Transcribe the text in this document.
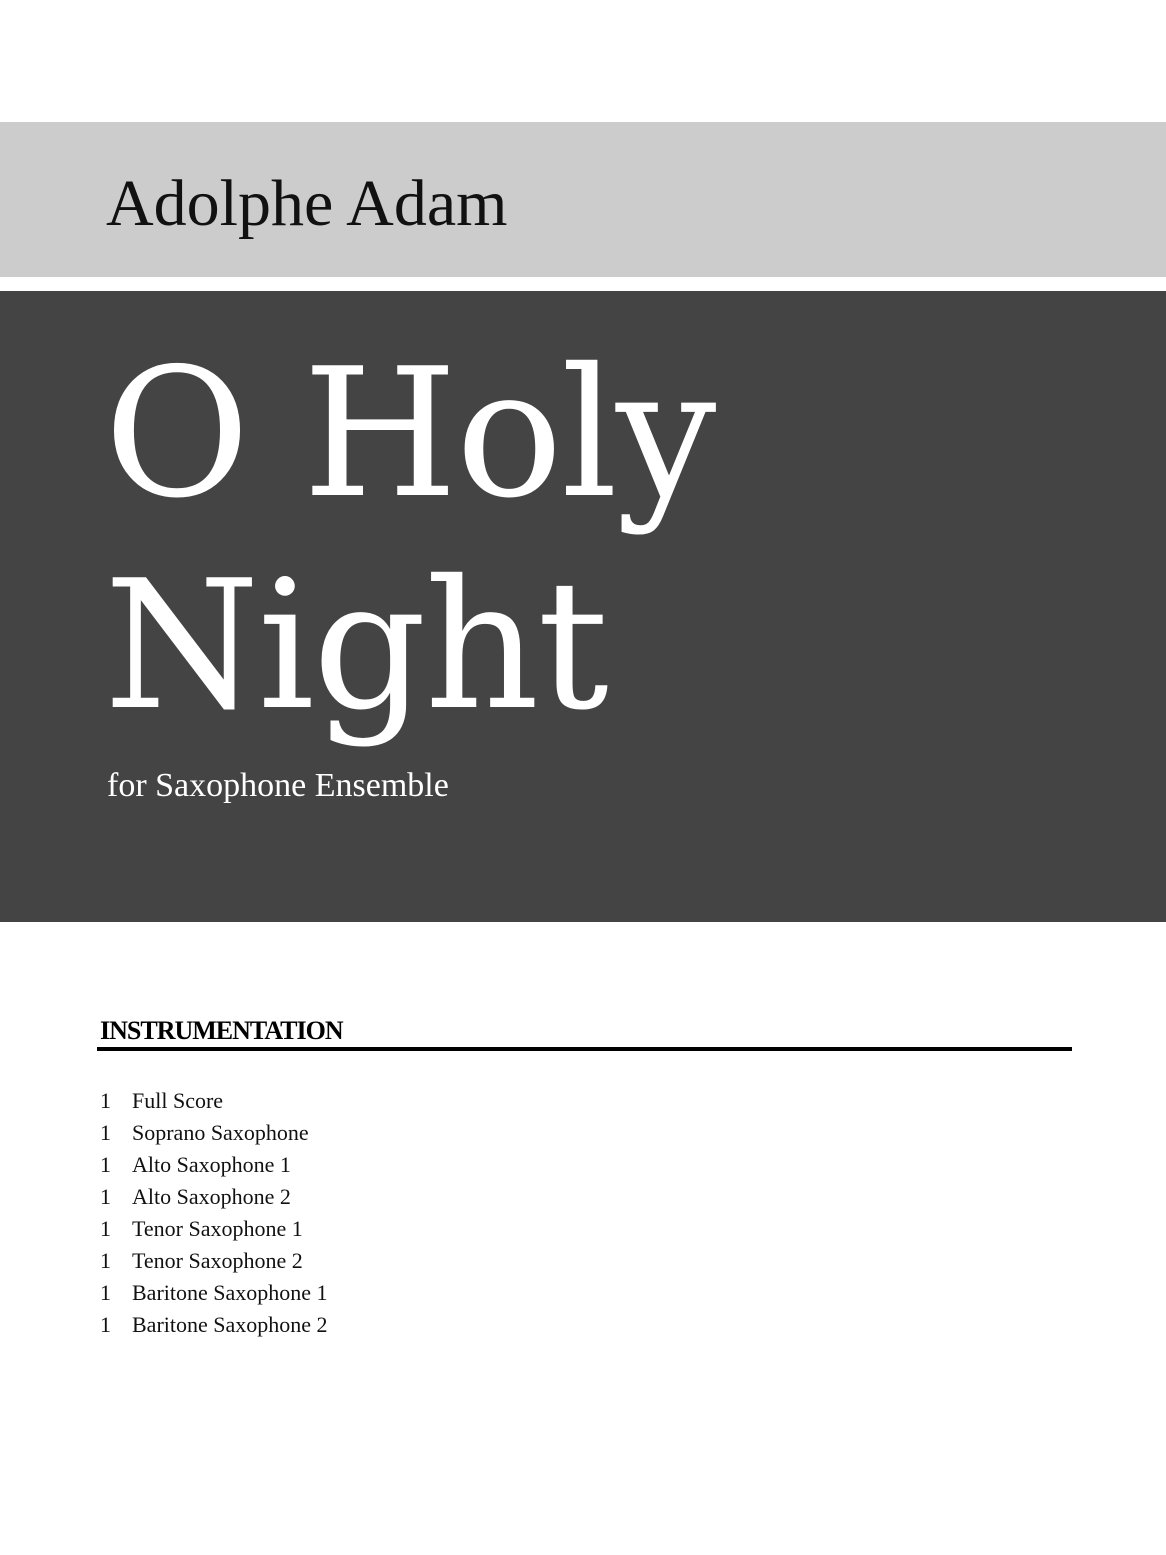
Adolphe Adam
O Holy
Night

for Saxophone Ensemble

INSTRUMENTATION
1 Full Score
1 Soprano Saxophone
1 Alto Saxophone 1
1 Alto Saxophone 2
1 Tenor Saxophone 1
1 Tenor Saxophone 2
1 Baritone Saxophone 1
1 Baritone Saxophone 2
